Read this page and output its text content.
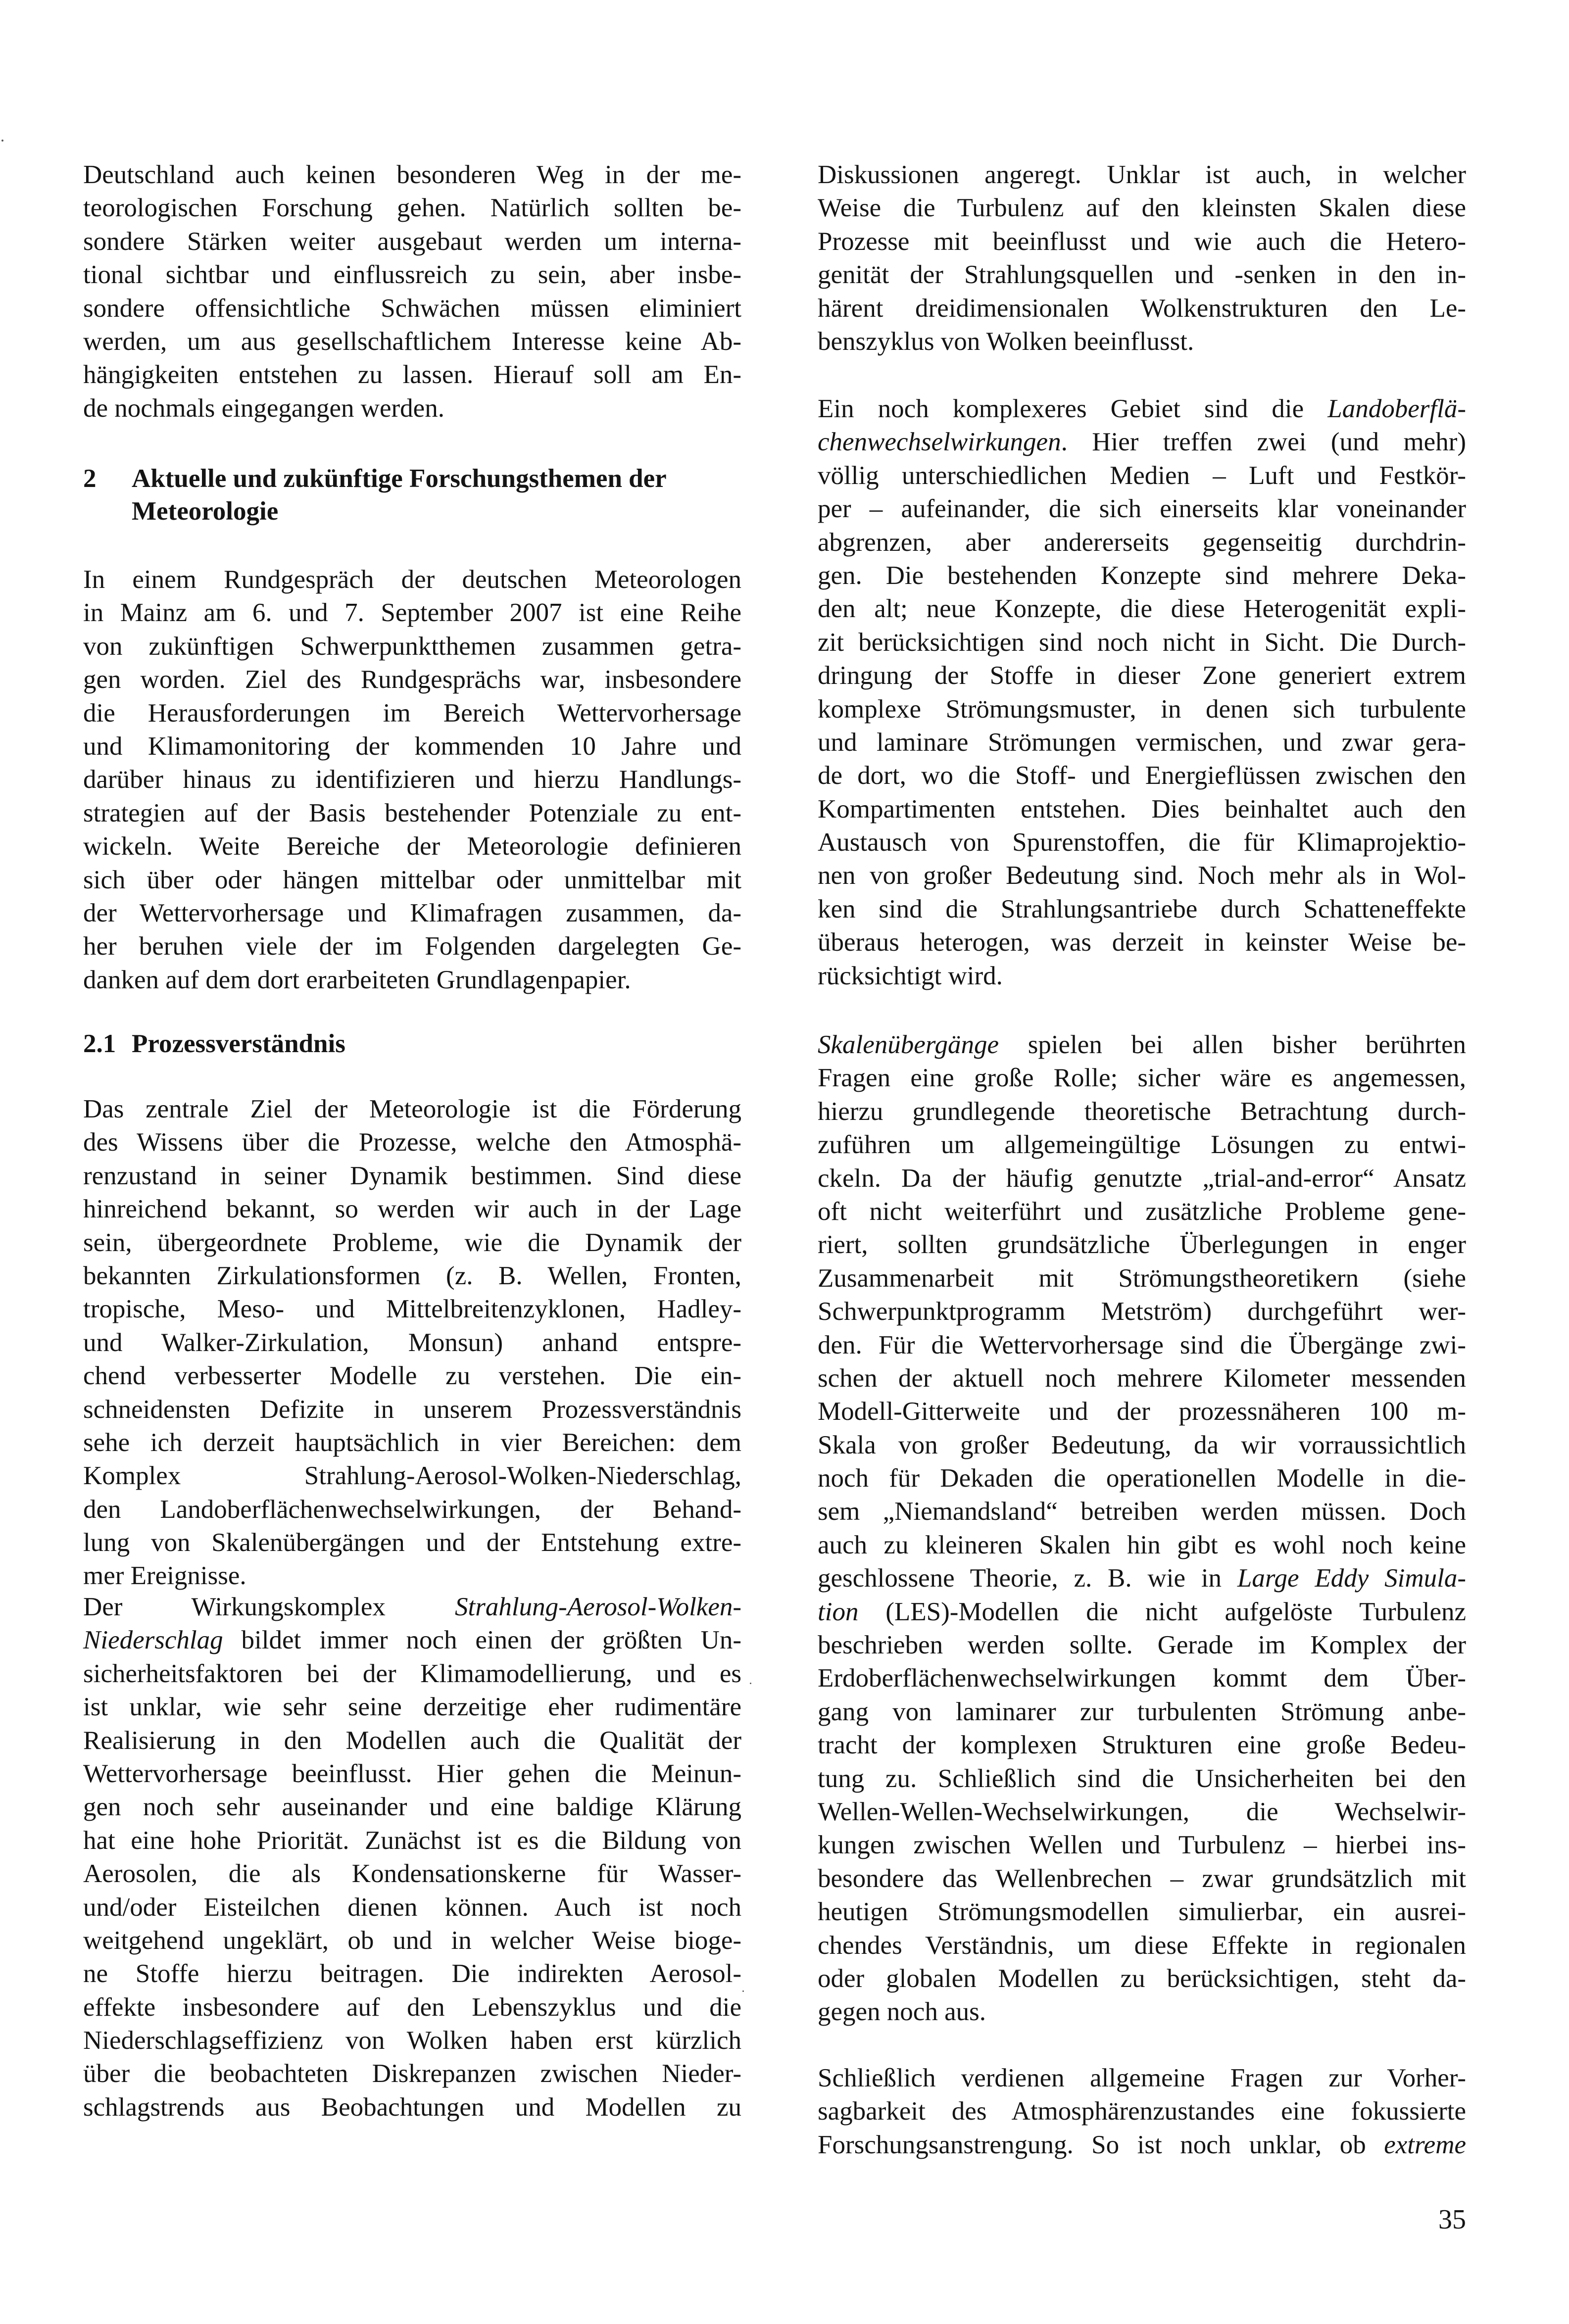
Deutschland auch keinen besonderen Weg in der me-
teorologischen Forschung gehen. Natürlich sollten be-
sondere Stärken weiter ausgebaut werden um interna-
tional sichtbar und einflussreich zu sein, aber insbe-
sondere offensichtliche Schwächen müssen eliminiert
werden, um aus gesellschaftlichem Interesse keine Ab-
hängigkeiten entstehen zu lassen. Hierauf soll am En-
de nochmals eingegangen werden.
2 Aktuelle und zukünftige Forschungsthemen der
Meteorologie
In einem Rundgespräch der deutschen Meteorologen
in Mainz am 6. und 7. September 2007 ist eine Reihe
von zukünftigen Schwerpunktthemen zusammen getra-
gen worden. Ziel des Rundgesprächs war, insbesondere
die Herausforderungen im Bereich Wettervorhersage
und Klimamonitoring der kommenden 10 Jahre und
darüber hinaus zu identifizieren und hierzu Handlungs-
strategien auf der Basis bestehender Potenziale zu ent-
wickeln. Weite Bereiche der Meteorologie definieren
sich über oder hängen mittelbar oder unmittelbar mit
der Wettervorhersage und Klimafragen zusammen, da-
her beruhen viele der im Folgenden dargelegten Ge-
danken auf dem dort erarbeiteten Grundlagenpapier.
2.1 Prozessverständnis
Das zentrale Ziel der Meteorologie ist die Förderung
des Wissens über die Prozesse, welche den Atmosphä-
renzustand in seiner Dynamik bestimmen. Sind diese
hinreichend bekannt, so werden wir auch in der Lage
sein, übergeordnete Probleme, wie die Dynamik der
bekannten Zirkulationsformen (z. B. Wellen, Fronten,
tropische, Meso- und Mittelbreitenzyklonen, Hadley-
und Walker-Zirkulation, Monsun) anhand entspre-
chend verbesserter Modelle zu verstehen. Die ein-
schneidensten Defizite in unserem Prozessverständnis
sehe ich derzeit hauptsächlich in vier Bereichen: dem
Komplex Strahlung-Aerosol-Wolken-Niederschlag,
den Landoberflächenwechselwirkungen, der Behand-
lung von Skalenübergängen und der Entstehung extre-
mer Ereignisse.
Der Wirkungskomplex Strahlung-Aerosol-Wolken-
Niederschlag bildet immer noch einen der größten Un-
sicherheitsfaktoren bei der Klimamodellierung, und es
ist unklar, wie sehr seine derzeitige eher rudimentäre
Realisierung in den Modellen auch die Qualität der
Wettervorhersage beeinflusst. Hier gehen die Meinun-
gen noch sehr auseinander und eine baldige Klärung
hat eine hohe Priorität. Zunächst ist es die Bildung von
Aerosolen, die als Kondensationskerne für Wasser-
und/oder Eisteilchen dienen können. Auch ist noch
weitgehend ungeklärt, ob und in welcher Weise bioge-
ne Stoffe hierzu beitragen. Die indirekten Aerosol-
effekte insbesondere auf den Lebenszyklus und die
Niederschlagseffizienz von Wolken haben erst kürzlich
über die beobachteten Diskrepanzen zwischen Nieder-
schlagstrends aus Beobachtungen und Modellen zu
Diskussionen angeregt. Unklar ist auch, in welcher
Weise die Turbulenz auf den kleinsten Skalen diese
Prozesse mit beeinflusst und wie auch die Hetero-
genität der Strahlungsquellen und -senken in den in-
härent dreidimensionalen Wolkenstrukturen den Le-
benszyklus von Wolken beeinflusst.
Ein noch komplexeres Gebiet sind die Landoberflä-
chenwechselwirkungen. Hier treffen zwei (und mehr)
völlig unterschiedlichen Medien – Luft und Festkör-
per – aufeinander, die sich einerseits klar voneinander
abgrenzen, aber andererseits gegenseitig durchdrin-
gen. Die bestehenden Konzepte sind mehrere Deka-
den alt; neue Konzepte, die diese Heterogenität expli-
zit berücksichtigen sind noch nicht in Sicht. Die Durch-
dringung der Stoffe in dieser Zone generiert extrem
komplexe Strömungsmuster, in denen sich turbulente
und laminare Strömungen vermischen, und zwar gera-
de dort, wo die Stoff- und Energieflüssen zwischen den
Kompartimenten entstehen. Dies beinhaltet auch den
Austausch von Spurenstoffen, die für Klimaprojektio-
nen von großer Bedeutung sind. Noch mehr als in Wol-
ken sind die Strahlungsantriebe durch Schatteneffekte
überaus heterogen, was derzeit in keinster Weise be-
rücksichtigt wird.
Skalenübergänge spielen bei allen bisher berührten
Fragen eine große Rolle; sicher wäre es angemessen,
hierzu grundlegende theoretische Betrachtung durch-
zuführen um allgemeingültige Lösungen zu entwi-
ckeln. Da der häufig genutzte „trial-and-error“ Ansatz
oft nicht weiterführt und zusätzliche Probleme gene-
riert, sollten grundsätzliche Überlegungen in enger
Zusammenarbeit mit Strömungstheoretikern (siehe
Schwerpunktprogramm Metström) durchgeführt wer-
den. Für die Wettervorhersage sind die Übergänge zwi-
schen der aktuell noch mehrere Kilometer messenden
Modell-Gitterweite und der prozessnäheren 100 m-
Skala von großer Bedeutung, da wir vorraussichtlich
noch für Dekaden die operationellen Modelle in die-
sem „Niemandsland“ betreiben werden müssen. Doch
auch zu kleineren Skalen hin gibt es wohl noch keine
geschlossene Theorie, z. B. wie in Large Eddy Simula-
tion (LES)-Modellen die nicht aufgelöste Turbulenz
beschrieben werden sollte. Gerade im Komplex der
Erdoberflächenwechselwirkungen kommt dem Über-
gang von laminarer zur turbulenten Strömung anbe-
tracht der komplexen Strukturen eine große Bedeu-
tung zu. Schließlich sind die Unsicherheiten bei den
Wellen-Wellen-Wechselwirkungen, die Wechselwir-
kungen zwischen Wellen und Turbulenz – hierbei ins-
besondere das Wellenbrechen – zwar grundsätzlich mit
heutigen Strömungsmodellen simulierbar, ein ausrei-
chendes Verständnis, um diese Effekte in regionalen
oder globalen Modellen zu berücksichtigen, steht da-
gegen noch aus.
Schließlich verdienen allgemeine Fragen zur Vorher-
sagbarkeit des Atmosphärenzustandes eine fokussierte
Forschungsanstrengung. So ist noch unklar, ob extreme
35
